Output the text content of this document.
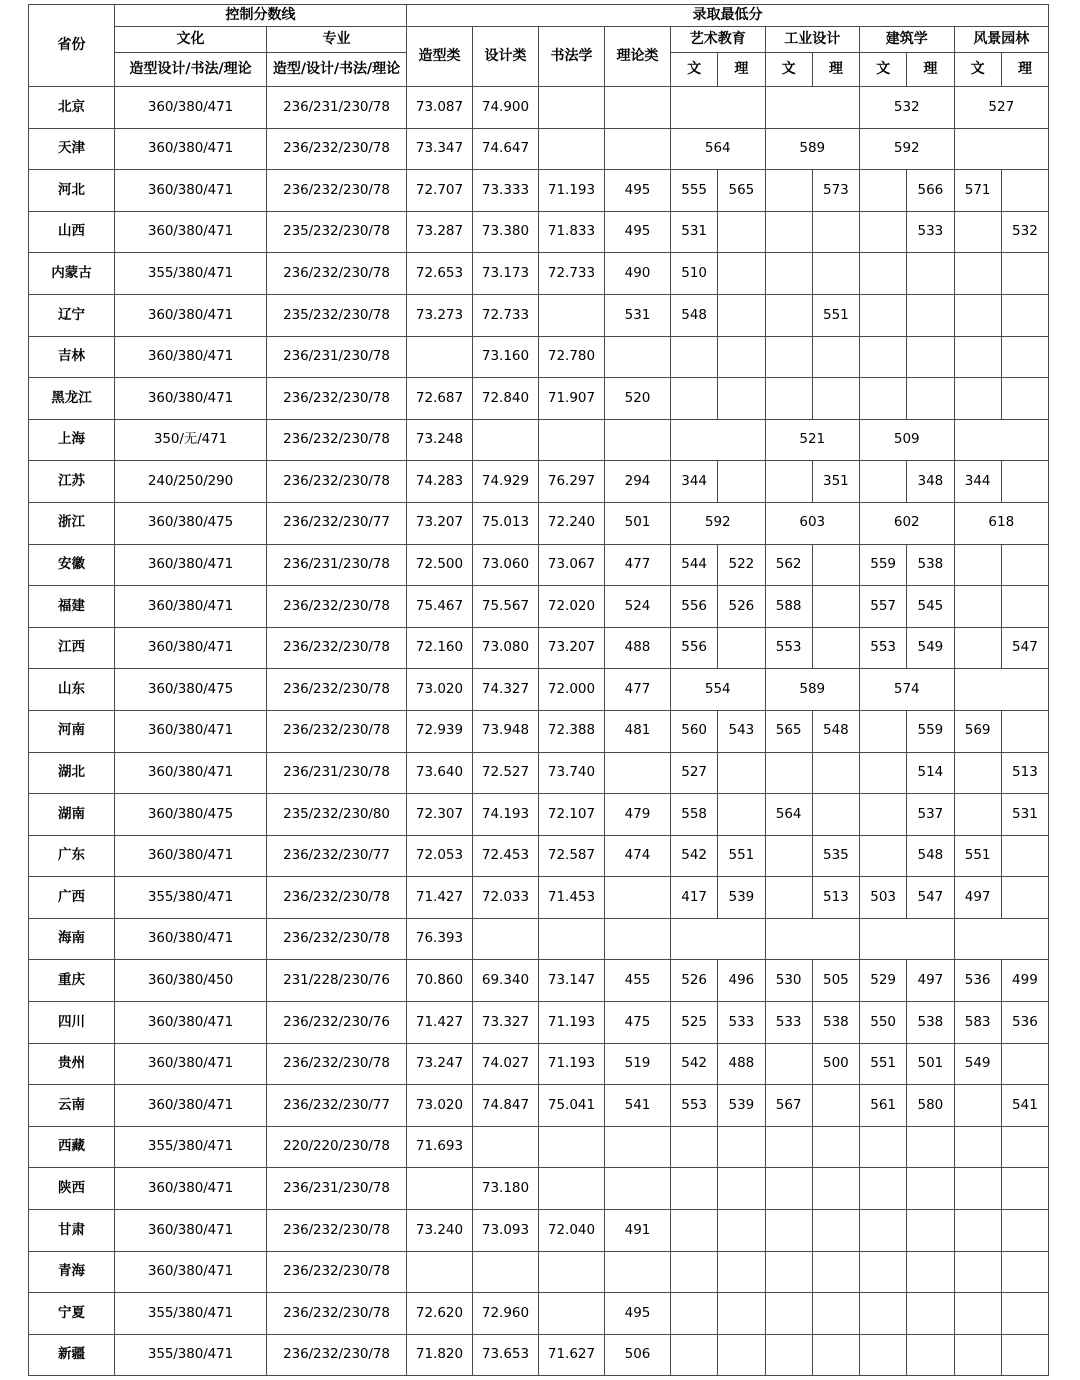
省份	控制分数线		录取最低分											
	文化	专业	造型类	设计类	书法学	理论类	艺术教育		工业设计		建筑学		风景园林	
	造型设计/书法/理论	造型/设计/书法/理论					文	理	文	理	文	理	文	理
北京	360/380/471	236/231/230/78	73.087	74.900							532		527	
天津	360/380/471	236/232/230/78	73.347	74.647			564		589		592			
河北	360/380/471	236/232/230/78	72.707	73.333	71.193	495	555	565		573		566	571	
山西	360/380/471	235/232/230/78	73.287	73.380	71.833	495	531					533		532
内蒙古	355/380/471	236/232/230/78	72.653	73.173	72.733	490	510							
辽宁	360/380/471	235/232/230/78	73.273	72.733		531	548			551				
吉林	360/380/471	236/231/230/78		73.160	72.780									
黑龙江	360/380/471	236/232/230/78	72.687	72.840	71.907	520								
上海	350/无/471	236/232/230/78	73.248						521		509			
江苏	240/250/290	236/232/230/78	74.283	74.929	76.297	294	344			351		348	344	
浙江	360/380/475	236/232/230/77	73.207	75.013	72.240	501	592		603		602		618	
安徽	360/380/471	236/231/230/78	72.500	73.060	73.067	477	544	522	562		559	538		
福建	360/380/471	236/232/230/78	75.467	75.567	72.020	524	556	526	588		557	545		
江西	360/380/471	236/232/230/78	72.160	73.080	73.207	488	556		553		553	549		547
山东	360/380/475	236/232/230/78	73.020	74.327	72.000	477	554		589		574			
河南	360/380/471	236/232/230/78	72.939	73.948	72.388	481	560	543	565	548		559	569	
湖北	360/380/471	236/231/230/78	73.640	72.527	73.740		527					514		513
湖南	360/380/475	235/232/230/80	72.307	74.193	72.107	479	558		564			537		531
广东	360/380/471	236/232/230/77	72.053	72.453	72.587	474	542	551		535		548	551	
广西	355/380/471	236/232/230/78	71.427	72.033	71.453		417	539		513	503	547	497	
海南	360/380/471	236/232/230/78	76.393											
重庆	360/380/450	231/228/230/76	70.860	69.340	73.147	455	526	496	530	505	529	497	536	499
四川	360/380/471	236/232/230/76	71.427	73.327	71.193	475	525	533	533	538	550	538	583	536
贵州	360/380/471	236/232/230/78	73.247	74.027	71.193	519	542	488		500	551	501	549	
云南	360/380/471	236/232/230/77	73.020	74.847	75.041	541	553	539	567		561	580		541
西藏	355/380/471	220/220/230/78	71.693											
陕西	360/380/471	236/231/230/78		73.180										
甘肃	360/380/471	236/232/230/78	73.240	73.093	72.040	491								
青海	360/380/471	236/232/230/78												
宁夏	355/380/471	236/232/230/78	72.620	72.960		495								
新疆	355/380/471	236/232/230/78	71.820	73.653	71.627	506								
